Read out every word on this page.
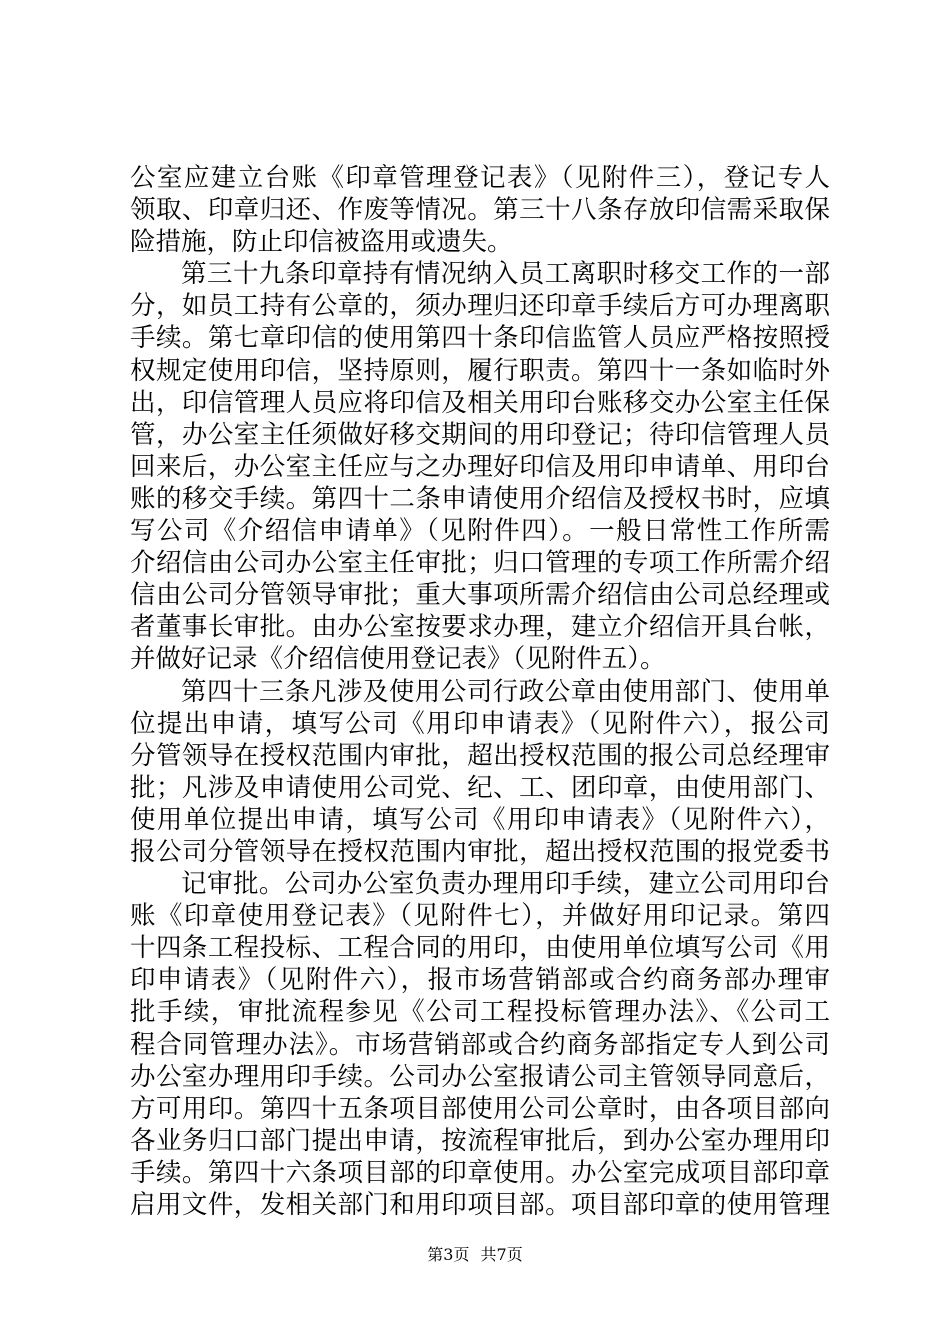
公室应建立台账《印章管理登记表》（见附件三），登记专人
领取、印章归还、作废等情况。第三十八条存放印信需采取保
险措施，防止印信被盗用或遗失。
第三十九条印章持有情况纳入员工离职时移交工作的一部
分，如员工持有公章的，须办理归还印章手续后方可办理离职
手续。第七章印信的使用第四十条印信监管人员应严格按照授
权规定使用印信，坚持原则，履行职责。第四十一条如临时外
出，印信管理人员应将印信及相关用印台账移交办公室主任保
管，办公室主任须做好移交期间的用印登记；待印信管理人员
回来后，办公室主任应与之办理好印信及用印申请单、用印台
账的移交手续。第四十二条申请使用介绍信及授权书时，应填
写公司《介绍信申请单》（见附件四）。一般日常性工作所需
介绍信由公司办公室主任审批；归口管理的专项工作所需介绍
信由公司分管领导审批；重大事项所需介绍信由公司总经理或
者董事长审批。由办公室按要求办理，建立介绍信开具台帐，
并做好记录《介绍信使用登记表》（见附件五）。
第四十三条凡涉及使用公司行政公章由使用部门、使用单
位提出申请，填写公司《用印申请表》（见附件六），报公司
分管领导在授权范围内审批，超出授权范围的报公司总经理审
批；凡涉及申请使用公司党、纪、工、团印章，由使用部门、
使用单位提出申请，填写公司《用印申请表》（见附件六），
报公司分管领导在授权范围内审批，超出授权范围的报党委书
记审批。公司办公室负责办理用印手续，建立公司用印台
账《印章使用登记表》（见附件七），并做好用印记录。第四
十四条工程投标、工程合同的用印，由使用单位填写公司《用
印申请表》（见附件六），报市场营销部或合约商务部办理审
批手续，审批流程参见《公司工程投标管理办法》、《公司工
程合同管理办法》。市场营销部或合约商务部指定专人到公司
办公室办理用印手续。公司办公室报请公司主管领导同意后，
方可用印。第四十五条项目部使用公司公章时，由各项目部向
各业务归口部门提出申请，按流程审批后，到办公室办理用印
手续。第四十六条项目部的印章使用。办公室完成项目部印章
启用文件，发相关部门和用印项目部。项目部印章的使用管理
第3页 共7页
